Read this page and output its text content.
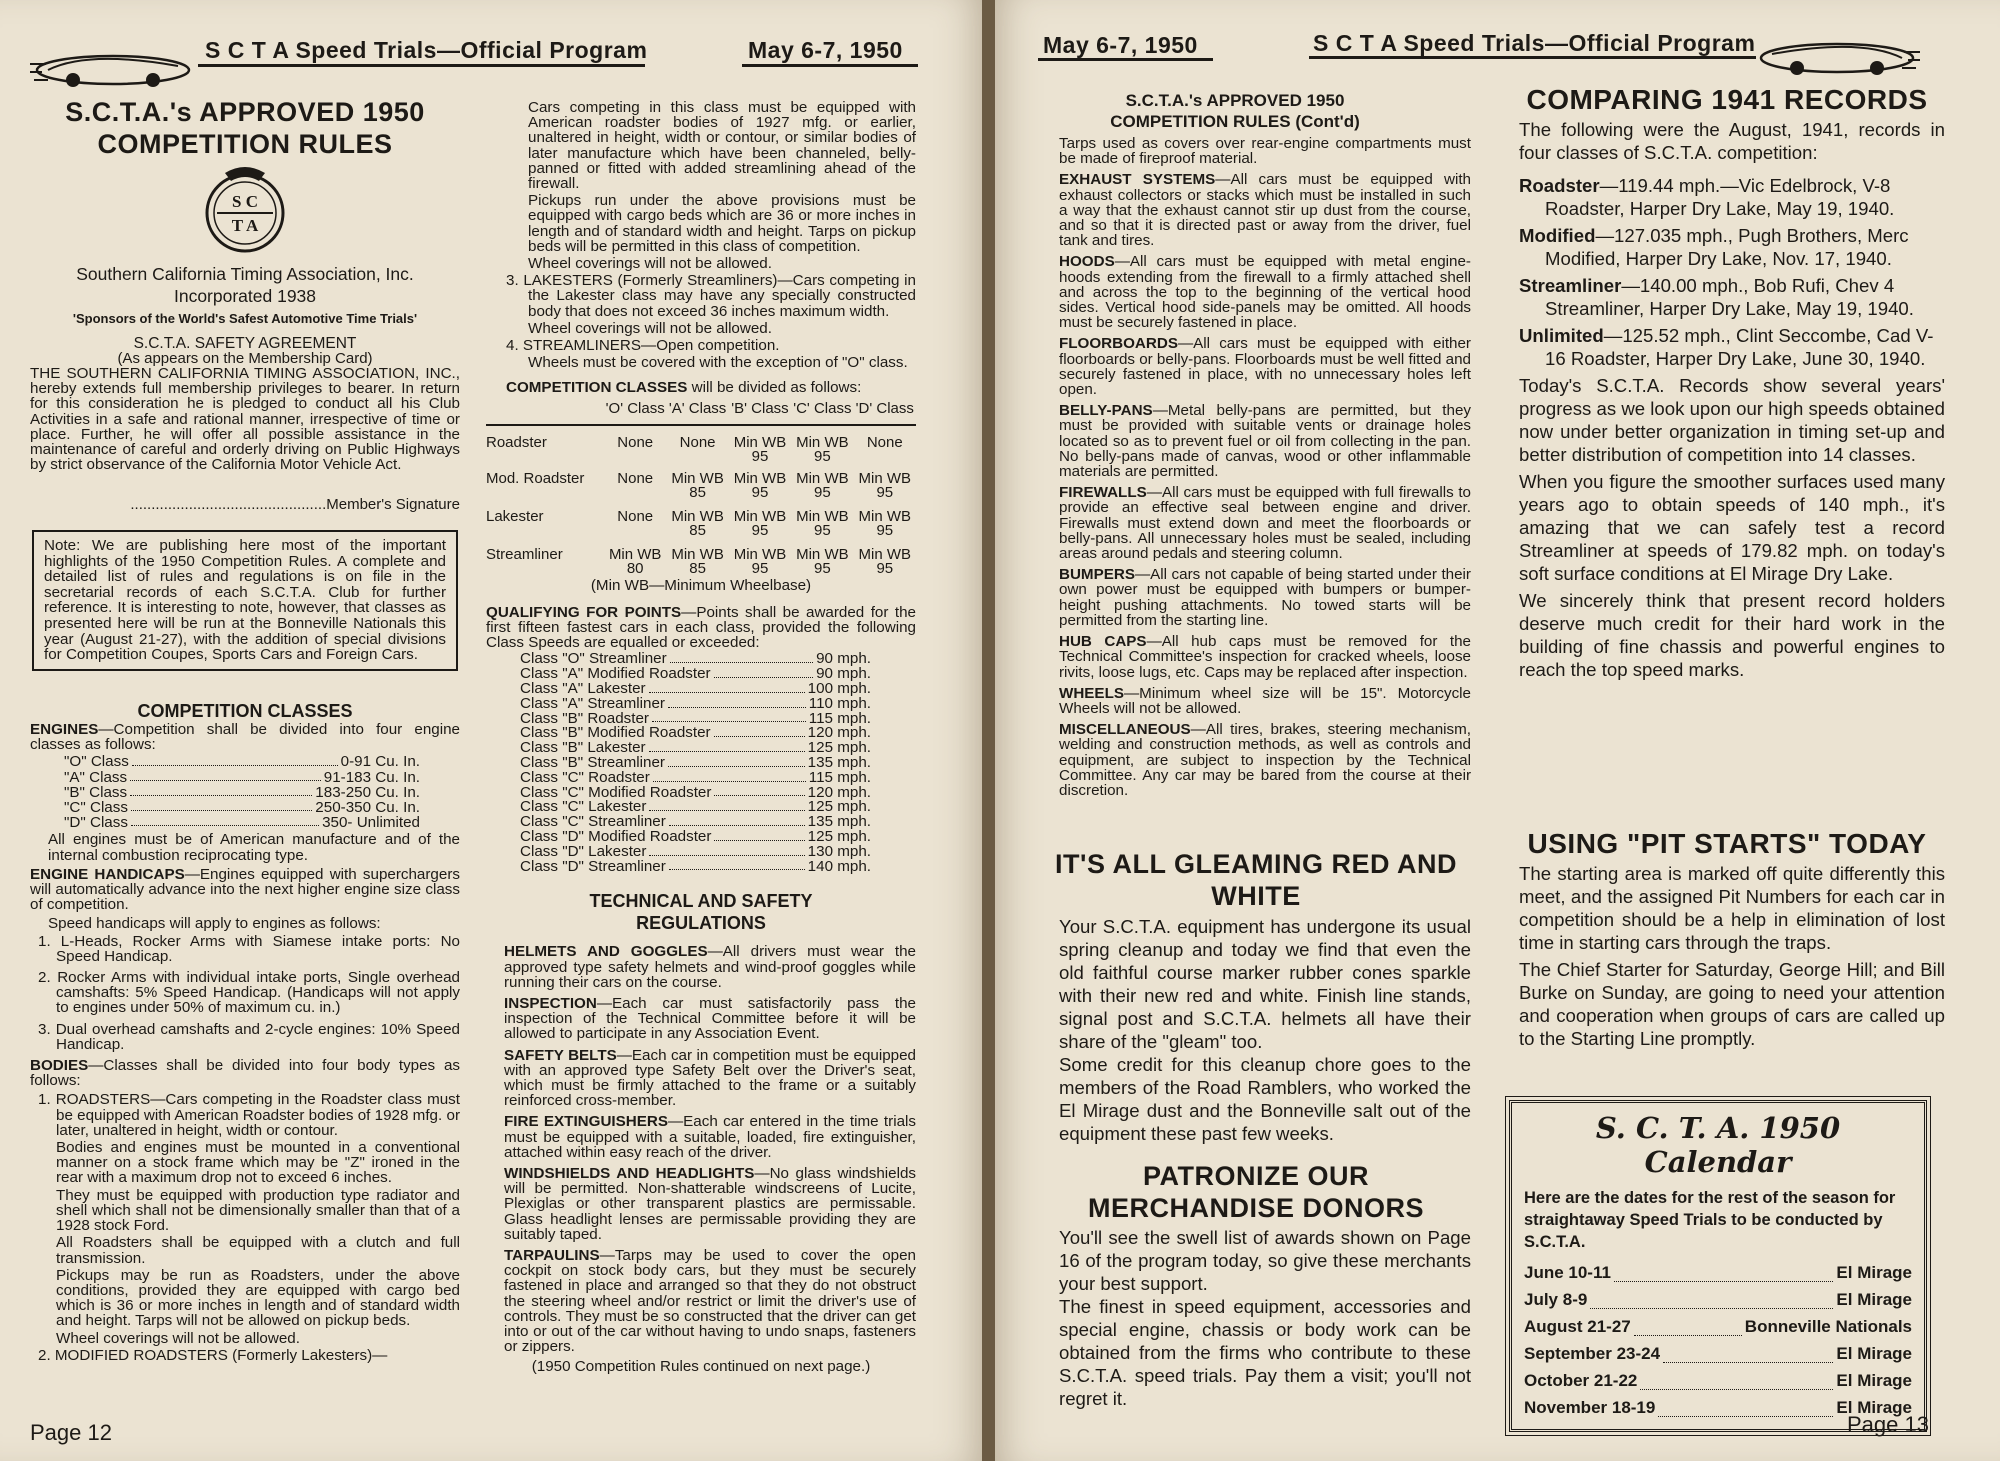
S C T A Speed Trials—Official Program	May 6-7, 1950
S.C.T.A.'s APPROVED 1950 COMPETITION RULES
S C
T A
Southern California Timing Association, Inc.
Incorporated 1938
'Sponsors of the World's Safest Automotive Time Trials'
S.C.T.A. SAFETY AGREEMENT
(As appears on the Membership Card)
THE SOUTHERN CALIFORNIA TIMING ASSOCIATION, INC., hereby extends full membership privileges to bearer. In return for this consideration he is pledged to conduct all his Club Activities in a safe and rational manner, irrespective of time or place. Further, he will offer all possible assistance in the maintenance of careful and orderly driving on Public Highways by strict observance of the California Motor Vehicle Act.
...............................................Member's Signature
Note: We are publishing here most of the important highlights of the 1950 Competition Rules. A complete and detailed list of rules and regulations is on file in the secretarial records of each S.C.T.A. Club for further reference. It is interesting to note, however, that classes as presented here will be run at the Bonneville Nationals this year (August 21-27), with the addition of special divisions for Competition Coupes, Sports Cars and Foreign Cars.
COMPETITION CLASSES

ENGINES—Competition shall be divided into four engine classes as follows:

"O" Class	0-91 Cu. In.
"A" Class	91-183 Cu. In.
"B" Class	183-250 Cu. In.
"C" Class	250-350 Cu. In.
"D" Class	350- Unlimited

All engines must be of American manufacture and of the internal combustion reciprocating type.

ENGINE HANDICAPS—Engines equipped with superchargers will automatically advance into the next higher engine size class of competition.

Speed handicaps will apply to engines as follows:

1. L-Heads, Rocker Arms with Siamese intake ports: No Speed Handicap.

2. Rocker Arms with individual intake ports, Single overhead camshafts: 5% Speed Handicap. (Handicaps will not apply to engines under 50% of maximum cu. in.)

3. Dual overhead camshafts and 2-cycle engines: 10% Speed Handicap.

BODIES—Classes shall be divided into four body types as follows:

1. ROADSTERS—Cars competing in the Roadster class must be equipped with American Roadster bodies of 1928 mfg. or later, unaltered in height, width or contour.

Bodies and engines must be mounted in a conventional manner on a stock frame which may be "Z" ironed in the rear with a maximum drop not to exceed 6 inches.

They must be equipped with production type radiator and shell which shall not be dimensionally smaller than that of a 1928 stock Ford.

All Roadsters shall be equipped with a clutch and full transmission.

Pickups may be run as Roadsters, under the above conditions, provided they are equipped with cargo bed which is 36 or more inches in length and of standard width and height. Tarps will not be allowed on pickup beds.

Wheel coverings will not be allowed.

2. MODIFIED ROADSTERS (Formerly Lakesters)—

Cars competing in this class must be equipped with American roadster bodies of 1927 mfg. or earlier, unaltered in height, width or contour, or similar bodies of later manufacture which have been channeled, belly-panned or fitted with added streamlining ahead of the firewall.

Pickups run under the above provisions must be equipped with cargo beds which are 36 or more inches in length and of standard width and height. Tarps on pickup beds will be permitted in this class of competition.

Wheel coverings will not be allowed.

3. LAKESTERS (Formerly Streamliners)—Cars competing in the Lakester class may have any specially constructed body that does not exceed 36 inches maximum width.

Wheel coverings will not be allowed.

4. STREAMLINERS—Open competition.

Wheels must be covered with the exception of "O" class.

COMPETITION CLASSES will be divided as follows:

	'O' Class	'A' Class	'B' Class	'C' Class	'D' Class
Roadster	None	None	Min WB 95	Min WB 95	None
Mod. Roadster	None	Min WB 85	Min WB 95	Min WB 95	Min WB 95
Lakester	None	Min WB 85	Min WB 95	Min WB 95	Min WB 95
Streamliner	Min WB 80	Min WB 85	Min WB 95	Min WB 95	Min WB 95

(Min WB—Minimum Wheelbase)

QUALIFYING FOR POINTS—Points shall be awarded for the first fifteen fastest cars in each class, provided the following Class Speeds are equalled or exceeded:

Class "O" Streamliner	90 mph.
Class "A" Modified Roadster	90 mph.
Class "A" Lakester	100 mph.
Class "A" Streamliner	110 mph.
Class "B" Roadster	115 mph.
Class "B" Modified Roadster	120 mph.
Class "B" Lakester	125 mph.
Class "B" Streamliner	135 mph.
Class "C" Roadster	115 mph.
Class "C" Modified Roadster	120 mph.
Class "C" Lakester	125 mph.
Class "C" Streamliner	135 mph.
Class "D" Modified Roadster	125 mph.
Class "D" Lakester	130 mph.
Class "D" Streamliner	140 mph.
TECHNICAL AND SAFETY REGULATIONS

HELMETS AND GOGGLES—All drivers must wear the approved type safety helmets and wind-proof goggles while running their cars on the course.

INSPECTION—Each car must satisfactorily pass the inspection of the Technical Committee before it will be allowed to participate in any Association Event.

SAFETY BELTS—Each car in competition must be equipped with an approved type Safety Belt over the Driver's seat, which must be firmly attached to the frame or a suitably reinforced cross-member.

FIRE EXTINGUISHERS—Each car entered in the time trials must be equipped with a suitable, loaded, fire extinguisher, attached within easy reach of the driver.

WINDSHIELDS AND HEADLIGHTS—No glass windshields will be permitted. Non-shatterable windscreens of Lucite, Plexiglas or other transparent plastics are permissable. Glass headlight lenses are permissable providing they are suitably taped.

TARPAULINS—Tarps may be used to cover the open cockpit on stock body cars, but they must be securely fastened in place and arranged so that they do not obstruct the steering wheel and/or restrict or limit the driver's use of controls. They must be so constructed that the driver can get into or out of the car without having to undo snaps, fasteners or zippers.

(1950 Competition Rules continued on next page.)

Page 12
May 6-7, 1950	S C T A Speed Trials—Official Program
S.C.T.A.'s APPROVED 1950 COMPETITION RULES (Cont'd)

Tarps used as covers over rear-engine compartments must be made of fireproof material.

EXHAUST SYSTEMS—All cars must be equipped with exhaust collectors or stacks which must be installed in such a way that the exhaust cannot stir up dust from the course, and so that it is directed past or away from the driver, fuel tank and tires.

HOODS—All cars must be equipped with metal engine-hoods extending from the firewall to a firmly attached shell and across the top to the beginning of the vertical hood sides. Vertical hood side-panels may be omitted. All hoods must be securely fastened in place.

FLOORBOARDS—All cars must be equipped with either floorboards or belly-pans. Floorboards must be well fitted and securely fastened in place, with no unnecessary holes left open.

BELLY-PANS—Metal belly-pans are permitted, but they must be provided with suitable vents or drainage holes located so as to prevent fuel or oil from collecting in the pan. No belly-pans made of canvas, wood or other inflammable materials are permitted.

FIREWALLS—All cars must be equipped with full firewalls to provide an effective seal between engine and driver. Firewalls must extend down and meet the floorboards or belly-pans. All unnecessary holes must be sealed, including areas around pedals and steering column.

BUMPERS—All cars not capable of being started under their own power must be equipped with bumpers or bumper-height pushing attachments. No towed starts will be permitted from the starting line.

HUB CAPS—All hub caps must be removed for the Technical Committee's inspection for cracked wheels, loose rivits, loose lugs, etc. Caps may be replaced after inspection.

WHEELS—Minimum wheel size will be 15". Motorcycle Wheels will not be allowed.

MISCELLANEOUS—All tires, brakes, steering mechanism, welding and construction methods, as well as controls and equipment, are subject to inspection by the Technical Committee. Any car may be bared from the course at their discretion.

IT'S ALL GLEAMING RED AND WHITE

Your S.C.T.A. equipment has undergone its usual spring cleanup and today we find that even the old faithful course marker rubber cones sparkle with their new red and white. Finish line stands, signal post and S.C.T.A. helmets all have their share of the "gleam" too.

Some credit for this cleanup chore goes to the members of the Road Ramblers, who worked the El Mirage dust and the Bonneville salt out of the equipment these past few weeks.

PATRONIZE OUR MERCHANDISE DONORS

You'll see the swell list of awards shown on Page 16 of the program today, so give these merchants your best support.

The finest in speed equipment, accessories and special engine, chassis or body work can be obtained from the firms who contribute to these S.C.T.A. speed trials. Pay them a visit; you'll not regret it.

COMPARING 1941 RECORDS

The following were the August, 1941, records in four classes of S.C.T.A. competition:

Roadster—119.44 mph.—Vic Edelbrock, V-8 Roadster, Harper Dry Lake, May 19, 1940.

Modified—127.035 mph., Pugh Brothers, Merc Modified, Harper Dry Lake, Nov. 17, 1940.

Streamliner—140.00 mph., Bob Rufi, Chev 4 Streamliner, Harper Dry Lake, May 19, 1940.

Unlimited—125.52 mph., Clint Seccombe, Cad V-16 Roadster, Harper Dry Lake, June 30, 1940.

Today's S.C.T.A. Records show several years' progress as we look upon our high speeds obtained now under better organization in timing set-up and better distribution of competition into 14 classes.

When you figure the smoother surfaces used many years ago to obtain speeds of 140 mph., it's amazing that we can safely test a record Streamliner at speeds of 179.82 mph. on today's soft surface conditions at El Mirage Dry Lake.

We sincerely think that present record holders deserve much credit for their hard work in the building of fine chassis and powerful engines to reach the top speed marks.

USING "PIT STARTS" TODAY

The starting area is marked off quite differently this meet, and the assigned Pit Numbers for each car in competition should be a help in elimination of lost time in starting cars through the traps.

The Chief Starter for Saturday, George Hill; and Bill Burke on Sunday, are going to need your attention and cooperation when groups of cars are called up to the Starting Line promptly.

S. C. T. A. 1950 Calendar
Here are the dates for the rest of the season for straightaway Speed Trials to be conducted by S.C.T.A.
June 10-11	El Mirage
July 8-9	El Mirage
August 21-27	Bonneville Nationals
September 23-24	El Mirage
October 21-22	El Mirage
November 18-19	El Mirage
Page 13
